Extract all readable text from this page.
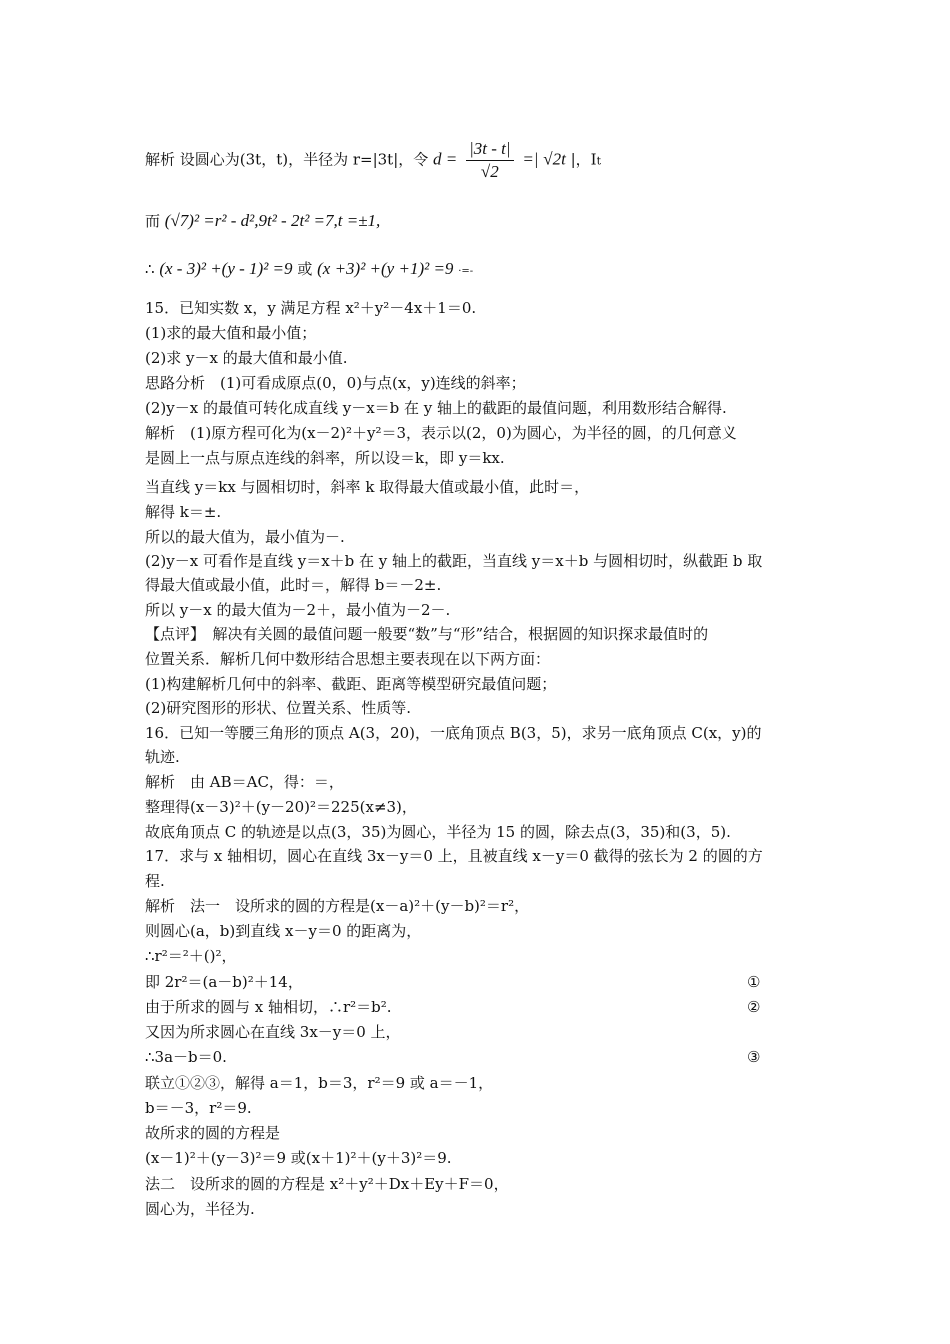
解析 设圆心为(3t，t)，半径为 r=|3t|，令 $d = \frac{|3t - t|}{√2}$ =| √2t |，It
而 (√7)² =r² - d²,9t² - 2t² =7,t =±1,
∴ (x - 3)² +(y - 1)² =9 或 (x +3)² +(y +1)² =9 ·=-
15．已知实数 x，y 满足方程 x²＋y²－4x＋1＝0.
(1)求的最大值和最小值；
(2)求 y－x 的最大值和最小值.
思路分析　(1)可看成原点(0，0)与点(x，y)连线的斜率；
(2)y－x 的最值可转化成直线 y－x＝b 在 y 轴上的截距的最值问题，利用数形结合解得.
解析　(1)原方程可化为(x－2)²＋y²＝3，表示以(2，0)为圆心，为半径的圆，的几何意义
是圆上一点与原点连线的斜率，所以设＝k，即 y＝kx.
当直线 y＝kx 与圆相切时，斜率 k 取得最大值或最小值，此时＝，
解得 k＝±.
所以的最大值为，最小值为－.
(2)y－x 可看作是直线 y＝x＋b 在 y 轴上的截距，当直线 y＝x＋b 与圆相切时，纵截距 b 取
得最大值或最小值，此时＝，解得 b＝－2±.
所以 y－x 的最大值为－2＋，最小值为－2－.
【点评】　解决有关圆的最值问题一般要“数”与“形”结合，根据圆的知识探求最值时的
位置关系．解析几何中数形结合思想主要表现在以下两方面：
(1)构建解析几何中的斜率、截距、距离等模型研究最值问题；
(2)研究图形的形状、位置关系、性质等.
16．已知一等腰三角形的顶点 A(3，20)，一底角顶点 B(3，5)，求另一底角顶点 C(x，y)的
轨迹.
解析　由 AB＝AC，得：＝，
整理得(x－3)²＋(y－20)²＝225(x≠3)，
故底角顶点 C 的轨迹是以点(3，35)为圆心，半径为 15 的圆，除去点(3，35)和(3，5).
17．求与 x 轴相切，圆心在直线 3x－y＝0 上，且被直线 x－y＝0 截得的弦长为 2 的圆的方
程.
解析　法一　设所求的圆的方程是(x－a)²＋(y－b)²＝r²，
则圆心(a，b)到直线 x－y＝0 的距离为，
∴r²＝²＋()²，
即 2r²＝(a－b)²＋14，
由于所求的圆与 x 轴相切，∴r²＝b².
又因为所求圆心在直线 3x－y＝0 上，
∴3a－b＝0.
联立①②③，解得 a＝1，b＝3，r²＝9 或 a＝－1，
b＝－3，r²＝9.
故所求的圆的方程是
(x－1)²＋(y－3)²＝9 或(x＋1)²＋(y＋3)²＝9.
法二　设所求的圆的方程是 x²＋y²＋Dx＋Ey＋F＝0，
圆心为，半径为.
①
②
③
